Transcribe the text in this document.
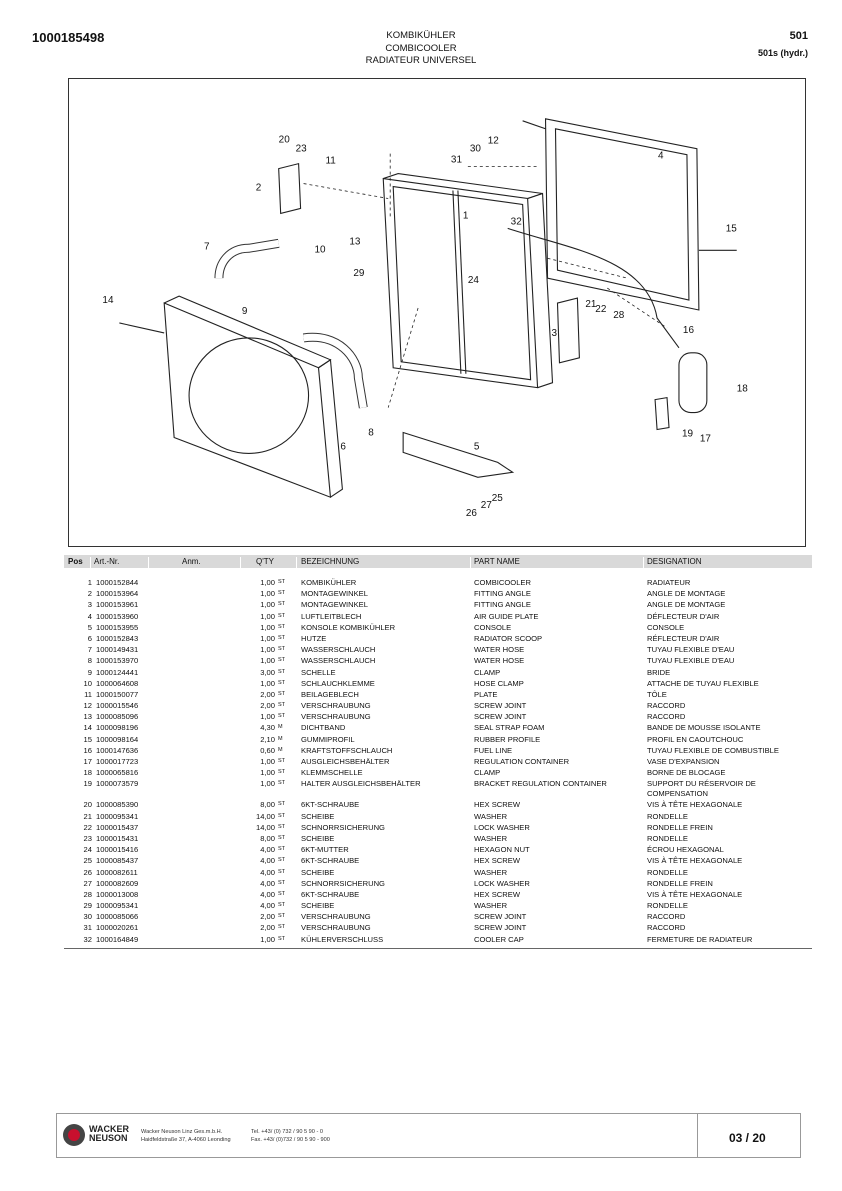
1000185498	KOMBIKÜHLER
COMBICOOLER
RADIATEUR UNIVERSEL
501
501s (hydr.)
1
2
3
4
5
6
7
8
9
10
11
12
13
14
15
16
17
18
19
20
21
22
23
24
25
26
27
28
29
30
31
32
Pos Art.-Nr.	Anm.	Q'TY	BEZEICHNUNG	PART NAME	DESIGNATION
1 1000152844	1,00 ST KOMBIKÜHLER	COMBICOOLER	RADIATEUR
2 1000153964	1,00 ST MONTAGEWINKEL	FITTING ANGLE	ANGLE DE MONTAGE
3 1000153961	1,00 ST MONTAGEWINKEL	FITTING ANGLE	ANGLE DE MONTAGE
4 1000153960	1,00 ST LUFTLEITBLECH	AIR GUIDE PLATE	DÉFLECTEUR D'AIR
5 1000153955	1,00 ST KONSOLE KOMBIKÜHLER	CONSOLE	CONSOLE
6 1000152843	1,00 ST HUTZE	RADIATOR SCOOP	RÉFLECTEUR D'AIR
7 1000149431	1,00 ST WASSERSCHLAUCH	WATER HOSE	TUYAU FLEXIBLE D'EAU
8 1000153970	1,00 ST WASSERSCHLAUCH	WATER HOSE	TUYAU FLEXIBLE D'EAU
9 1000124441	3,00 ST SCHELLE	CLAMP	BRIDE
10 1000064608	1,00 ST SCHLAUCHKLEMME	HOSE CLAMP	ATTACHE DE TUYAU FLEXIBLE
11 1000150077	2,00 ST BEILAGEBLECH	PLATE	TÔLE
12 1000015546	2,00 ST VERSCHRAUBUNG	SCREW JOINT	RACCORD
13 1000085096	1,00 ST VERSCHRAUBUNG	SCREW JOINT	RACCORD
14 1000098196	4,30 M DICHTBAND	SEAL STRAP FOAM	BANDE DE MOUSSE ISOLANTE
15 1000098164	2,10 M GUMMIPROFIL	RUBBER PROFILE	PROFIL EN CAOUTCHOUC
16 1000147636	0,60 M KRAFTSTOFFSCHLAUCH	FUEL LINE	TUYAU FLEXIBLE DE COMBUSTIBLE
17 1000017723	1,00 ST AUSGLEICHSBEHÄLTER	REGULATION CONTAINER	VASE D'EXPANSION
18 1000065816	1,00 ST KLEMMSCHELLE	CLAMP	BORNE DE BLOCAGE
19 1000073579	1,00 ST HALTER AUSGLEICHSBEHÄLTER	BRACKET REGULATION CONTAINER	SUPPORT DU RÉSERVOIR DE COMPENSATION
20 1000085390	8,00 ST 6KT-SCHRAUBE	HEX SCREW	VIS À TÊTE HEXAGONALE
21 1000095341	14,00 ST SCHEIBE	WASHER	RONDELLE
22 1000015437	14,00 ST SCHNORRSICHERUNG	LOCK WASHER	RONDELLE FREIN
23 1000015431	8,00 ST SCHEIBE	WASHER	RONDELLE
24 1000015416	4,00 ST 6KT-MUTTER	HEXAGON NUT	ÉCROU HEXAGONAL
25 1000085437	4,00 ST 6KT-SCHRAUBE	HEX SCREW	VIS À TÊTE HEXAGONALE
26 1000082611	4,00 ST SCHEIBE	WASHER	RONDELLE
27 1000082609	4,00 ST SCHNORRSICHERUNG	LOCK WASHER	RONDELLE FREIN
28 1000013008	4,00 ST 6KT-SCHRAUBE	HEX SCREW	VIS À TÊTE HEXAGONALE
29 1000095341	4,00 ST SCHEIBE	WASHER	RONDELLE
30 1000085066	2,00 ST VERSCHRAUBUNG	SCREW JOINT	RACCORD
31 1000020261	2,00 ST VERSCHRAUBUNG	SCREW JOINT	RACCORD
32 1000164849	1,00 ST KÜHLERVERSCHLUSS	COOLER CAP	FERMETURE DE RADIATEUR
WACKER
NEUSON
Wacker Neuson Linz Ges.m.b.H.
Haidfeldstraße 37, A-4060 Leonding
Tel. +43/ (0) 732 / 90 5 90 - 0
Fax. +43/ (0)732 / 90 5 90 - 900	03 / 20
